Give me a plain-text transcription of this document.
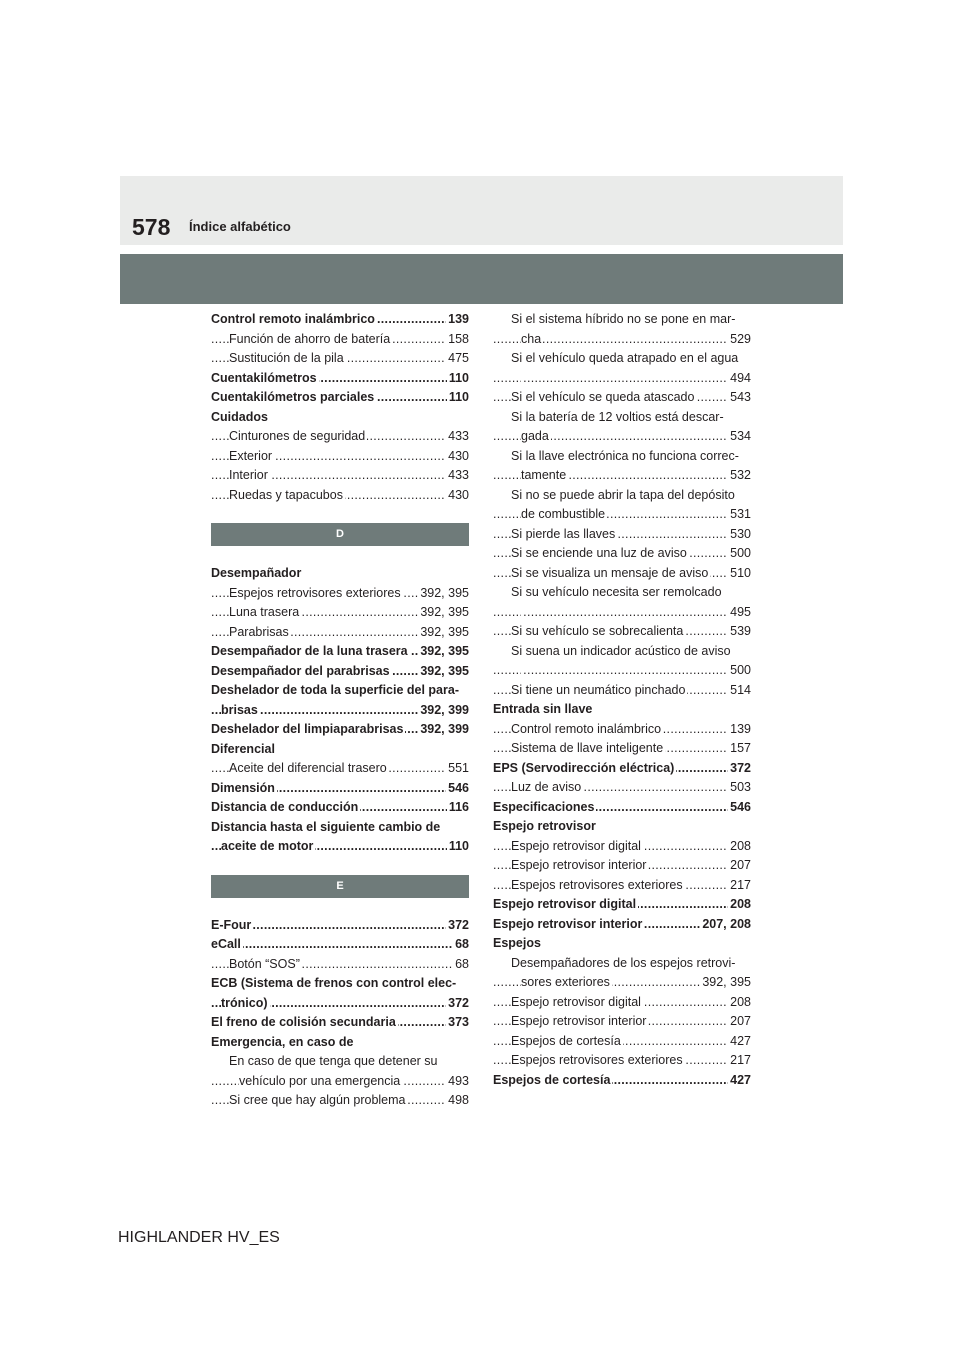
578 Índice alfabético
Control remoto inalámbrico	139
.....
Función de ahorro de batería	158
.....
Sustitución de la pila	475
.....
Cuentakilómetros	110
.....
Cuentakilómetros parciales	110
.....
Cuidados
Cinturones de seguridad	433
.....
Exterior	430
.....
Interior	433
.....
Ruedas y tapacubos	430
.....
D
Desempañador
Espejos retrovisores exteriores 392, 395
.....
Luna trasera	392, 395
.....
Parabrisas	392, 395
.....
Desempañador de la luna trasera 392, 395
.....
Desempañador del parabrisas 392, 395
.....
Deshelador de toda la superficie del para-
brisas	392, 399
.....
Deshelador del limpiaparabrisas 392, 399
.....
Diferencial
Aceite del diferencial trasero	551
.....
Dimensión	546
.....
Distancia de conducción	116
.....
Distancia hasta el siguiente cambio de
aceite de motor	110
.....
E
E-Four	372
.....
eCall	68
.....
Botón “SOS”	68
.....
ECB (Sistema de frenos con control elec-
trónico)	372
.....
El freno de colisión secundaria	373
.....
Emergencia, en caso de
En caso de que tenga que detener su
vehículo por una emergencia	493
.....
Si cree que hay algún problema	498
.....
Si el sistema híbrido no se pone en mar-
cha	529
.....
Si el vehículo queda atrapado en el agua
494
.....
Si el vehículo se queda atascado	543
.....
Si la batería de 12 voltios está descar-
gada	534
.....
Si la llave electrónica no funciona correc-
tamente	532
.....
Si no se puede abrir la tapa del depósito
de combustible	531
.....
Si pierde las llaves	530
.....
Si se enciende una luz de aviso	500
.....
Si se visualiza un mensaje de aviso 510
.....
Si su vehículo necesita ser remolcado
495
.....
Si su vehículo se sobrecalienta	539
.....
Si suena un indicador acústico de aviso
500
.....
Si tiene un neumático pinchado	514
.....
Entrada sin llave
Control remoto inalámbrico	139
.....
Sistema de llave inteligente	157
.....
EPS (Servodirección eléctrica)	372
.....
Luz de aviso	503
.....
Especificaciones	546
.....
Espejo retrovisor
Espejo retrovisor digital	208
.....
Espejo retrovisor interior	207
.....
Espejos retrovisores exteriores	217
.....
Espejo retrovisor digital	208
.....
Espejo retrovisor interior	207, 208
.....
Espejos
Desempañadores de los espejos retrovi-
sores exteriores	392, 395
.....
Espejo retrovisor digital	208
.....
Espejo retrovisor interior	207
.....
Espejos de cortesía	427
.....
Espejos retrovisores exteriores	217
.....
Espejos de cortesía	427
.....
HIGHLANDER HV_ES
